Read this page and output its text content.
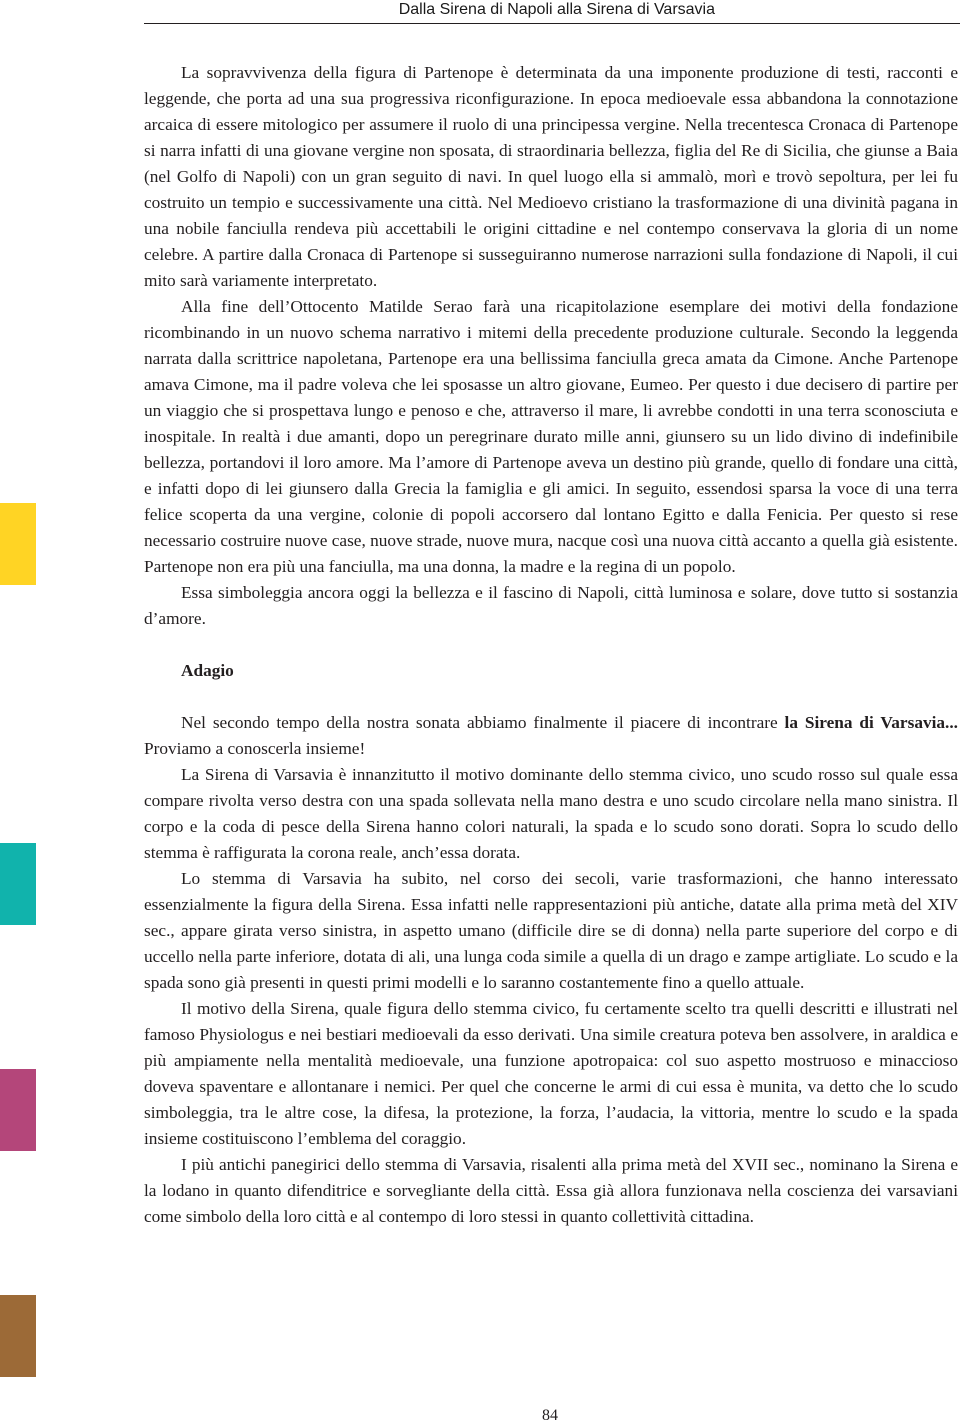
Dalla Sirena di Napoli alla Sirena di Varsavia

La sopravvivenza della figura di Partenope è determinata da una imponente produzione di testi, racconti e leggende, che porta ad una sua progressiva riconfigurazione. In epoca medioevale essa abbandona la connotazione arcaica di essere mitologico per assumere il ruolo di una principessa vergine. Nella trecentesca Cronaca di Partenope si narra infatti di una giovane vergine non sposata, di straordinaria bellezza, figlia del Re di Sicilia, che giunse a Baia (nel Golfo di Napoli) con un gran seguito di navi. In quel luogo ella si ammalò, morì e trovò sepoltura, per lei fu costruito un tempio e successivamente una città. Nel Medioevo cristiano la trasformazione di una divinità pagana in una nobile fanciulla rendeva più accettabili le origini cittadine e nel contempo conservava la gloria di un nome celebre. A partire dalla Cronaca di Partenope si susseguiranno numerose narrazioni sulla fondazione di Napoli, il cui mito sarà variamente interpretato.

Alla fine dell’Ottocento Matilde Serao farà una ricapitolazione esemplare dei motivi della fondazione ricombinando in un nuovo schema narrativo i mitemi della precedente produzione culturale. Secondo la leggenda narrata dalla scrittrice napoletana, Partenope era una bellissima fanciulla greca amata da Cimone. Anche Partenope amava Cimone, ma il padre voleva che lei sposasse un altro giovane, Eumeo. Per questo i due decisero di partire per un viaggio che si prospettava lungo e penoso e che, attraverso il mare, li avrebbe condotti in una terra sconosciuta e inospitale. In realtà i due amanti, dopo un peregrinare durato mille anni, giunsero su un lido divino di indefinibile bellezza, portandovi il loro amore. Ma l’amore di Partenope aveva un destino più grande, quello di fondare una città, e infatti dopo di lei giunsero dalla Grecia la famiglia e gli amici. In seguito, essendosi sparsa la voce di una terra felice scoperta da una vergine, colonie di popoli accorsero dal lontano Egitto e dalla Fenicia. Per questo si rese necessario costruire nuove case, nuove strade, nuove mura, nacque così una nuova città accanto a quella già esistente. Partenope non era più una fanciulla, ma una donna, la madre e la regina di un popolo.

Essa simboleggia ancora oggi la bellezza e il fascino di Napoli, città luminosa e solare, dove tutto si sostanzia d’amore.

Adagio

Nel secondo tempo della nostra sonata abbiamo finalmente il piacere di incontrare la Sirena di Varsavia... Proviamo a conoscerla insieme!

La Sirena di Varsavia è innanzitutto il motivo dominante dello stemma civico, uno scudo rosso sul quale essa compare rivolta verso destra con una spada sollevata nella mano destra e uno scudo circolare nella mano sinistra. Il corpo e la coda di pesce della Sirena hanno colori naturali, la spada e lo scudo sono dorati. Sopra lo scudo dello stemma è raffigurata la corona reale, anch’essa dorata.

Lo stemma di Varsavia ha subito, nel corso dei secoli, varie trasformazioni, che hanno interessato essenzialmente la figura della Sirena. Essa infatti nelle rappresentazioni più antiche, datate alla prima metà del XIV sec., appare girata verso sinistra, in aspetto umano (difficile dire se di donna) nella parte superiore del corpo e di uccello nella parte inferiore, dotata di ali, una lunga coda simile a quella di un drago e zampe artigliate. Lo scudo e la spada sono già presenti in questi primi modelli e lo saranno costantemente fino a quello attuale.

Il motivo della Sirena, quale figura dello stemma civico, fu certamente scelto tra quelli descritti e illustrati nel famoso Physiologus e nei bestiari medioevali da esso derivati. Una simile creatura poteva ben assolvere, in araldica e più ampiamente nella mentalità medioevale, una funzione apotropaica: col suo aspetto mostruoso e minaccioso doveva spaventare e allontanare i nemici. Per quel che concerne le armi di cui essa è munita, va detto che lo scudo simboleggia, tra le altre cose, la difesa, la protezione, la forza, l’audacia, la vittoria, mentre lo scudo e la spada insieme costituiscono l’emblema del coraggio.

I più antichi panegirici dello stemma di Varsavia, risalenti alla prima metà del XVII sec., nominano la Sirena e la lodano in quanto difenditrice e sorvegliante della città. Essa già allora funzionava nella coscienza dei varsaviani come simbolo della loro città e al contempo di loro stessi in quanto collettività cittadina.

84
